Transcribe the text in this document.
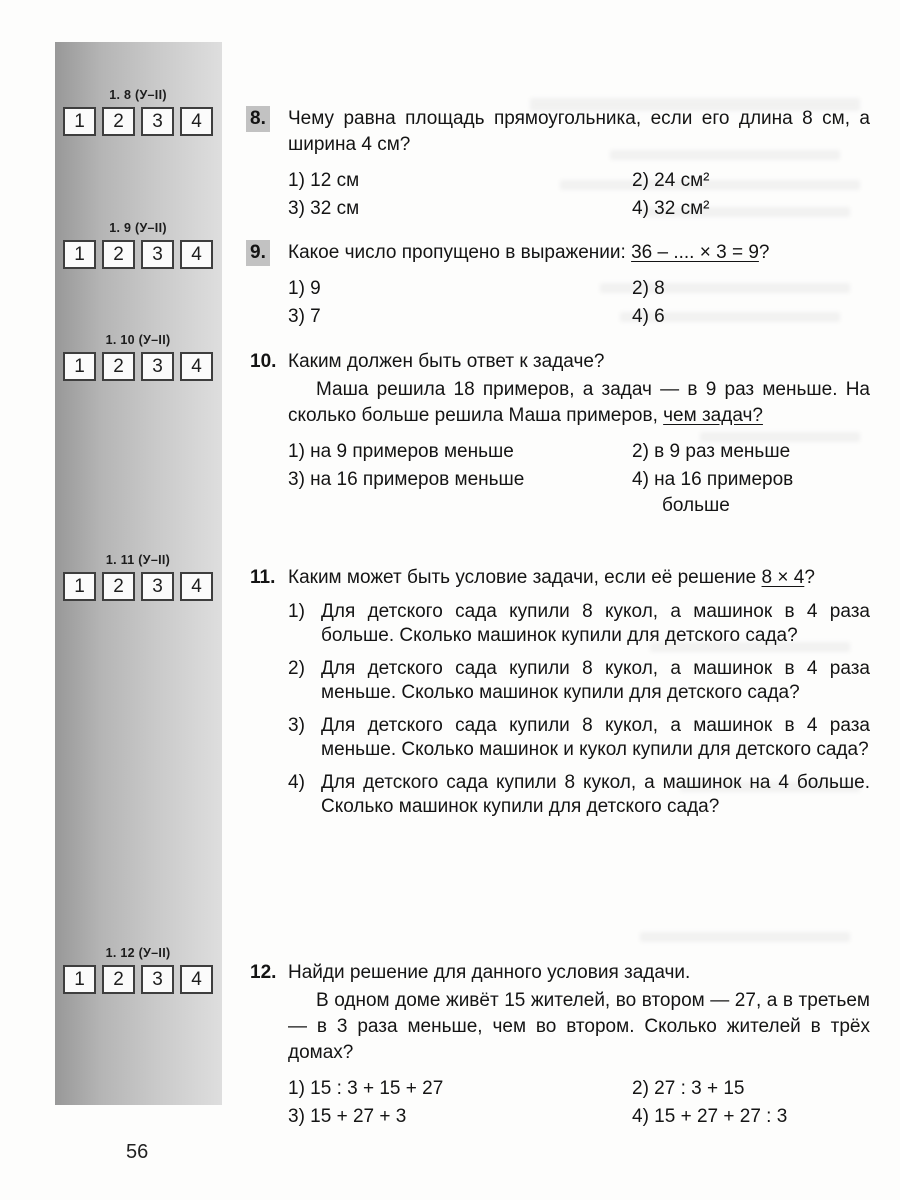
1. 8 (У–II)
1	2	3	4
1. 9 (У–II)
1	2	3	4
1. 10 (У–II)
1	2	3	4
1. 11 (У–II)
1	2	3	4
1. 12 (У–II)
1	2	3	4
8. Чему равна площадь прямоугольника, если его длина 8 см, а ширина 4 см?
1) 12 см	2) 24 см²
3) 32 см	4) 32 см²
9. Какое число пропущено в выражении: 36 – .... × 3 = 9?
1) 9	2) 8
3) 7	4) 6
10. Каким должен быть ответ к задаче?
Маша решила 18 примеров, а задач — в 9 раз меньше. На сколько больше решила Маша примеров, чем задач?
1) на 9 примеров меньше	2) в 9 раз меньше
3) на 16 примеров меньше	4) на 16 примеров больше
11. Каким может быть условие задачи, если её решение 8 × 4?
1) Для детского сада купили 8 кукол, а машинок в 4 раза больше. Сколько машинок купили для детского сада?
2) Для детского сада купили 8 кукол, а машинок в 4 раза меньше. Сколько машинок купили для детского сада?
3) Для детского сада купили 8 кукол, а машинок в 4 раза меньше. Сколько машинок и кукол купили для детского сада?
4) Для детского сада купили 8 кукол, а машинок на 4 больше. Сколько машинок купили для детского сада?
12. Найди решение для данного условия задачи.
В одном доме живёт 15 жителей, во втором — 27, а в третьем — в 3 раза меньше, чем во втором. Сколько жителей в трёх домах?
1) 15 : 3 + 15 + 27	2) 27 : 3 + 15
3) 15 + 27 + 3	4) 15 + 27 + 27 : 3
56
